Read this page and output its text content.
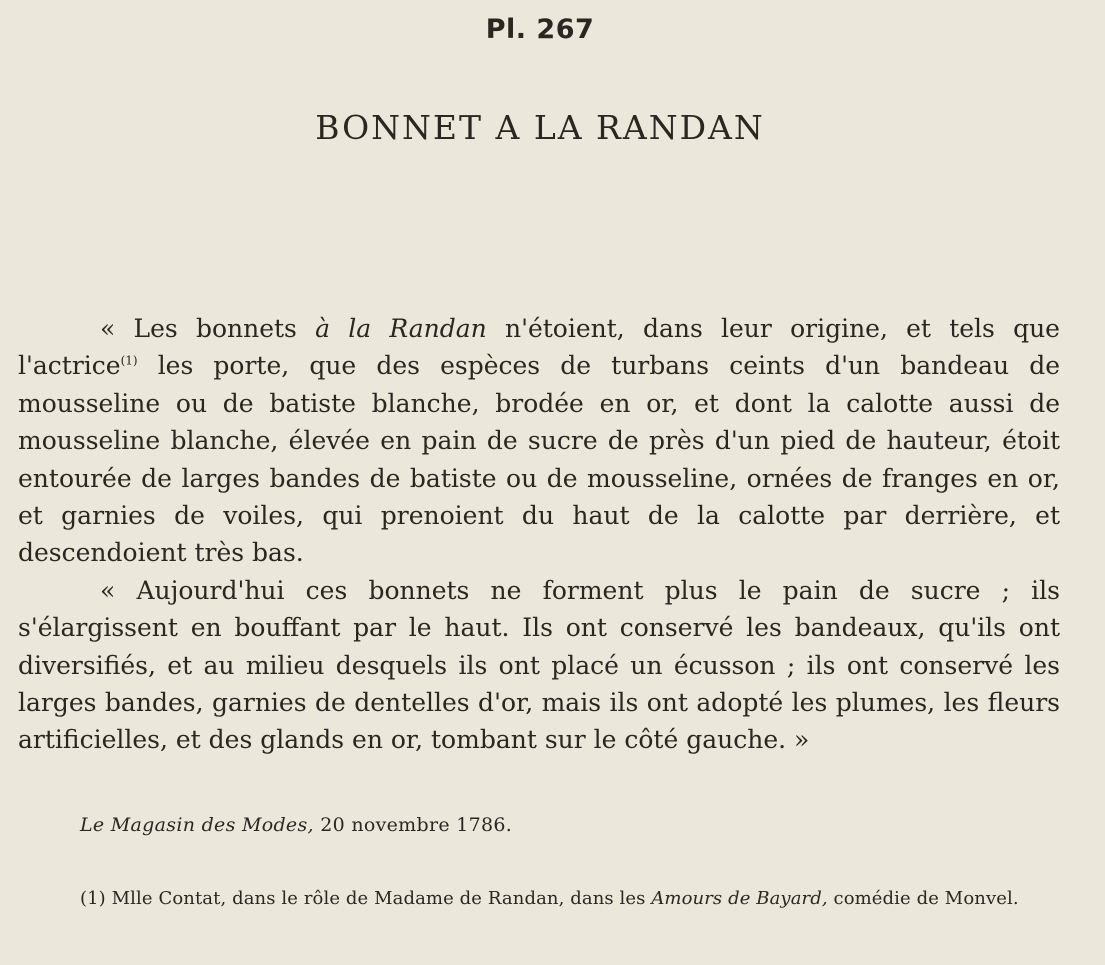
Pl. 267
BONNET A LA RANDAN

« Les bonnets à la Randan n'étoient, dans leur origine, et tels que l'actrice$^{(1)}$ les porte, que des espèces de turbans ceints d'un bandeau de mousseline ou de batiste blanche, brodée en or, et dont la calotte aussi de mousseline blanche, élevée en pain de sucre de près d'un pied de hauteur, étoit entourée de larges bandes de batiste ou de mousseline, ornées de franges en or, et garnies de voiles, qui prenoient du haut de la calotte par derrière, et descendoient très bas.

« Aujourd'hui ces bonnets ne forment plus le pain de sucre ; ils s'élargissent en bouffant par le haut. Ils ont conservé les bandeaux, qu'ils ont diversifiés, et au milieu desquels ils ont placé un écusson ; ils ont conservé les larges bandes, garnies de dentelles d'or, mais ils ont adopté les plumes, les fleurs artificielles, et des glands en or, tombant sur le côté gauche. »

Le Magasin des Modes, 20 novembre 1786.
(1) Mlle Contat, dans le rôle de Madame de Randan, dans les Amours de Bayard, comédie de Monvel.
